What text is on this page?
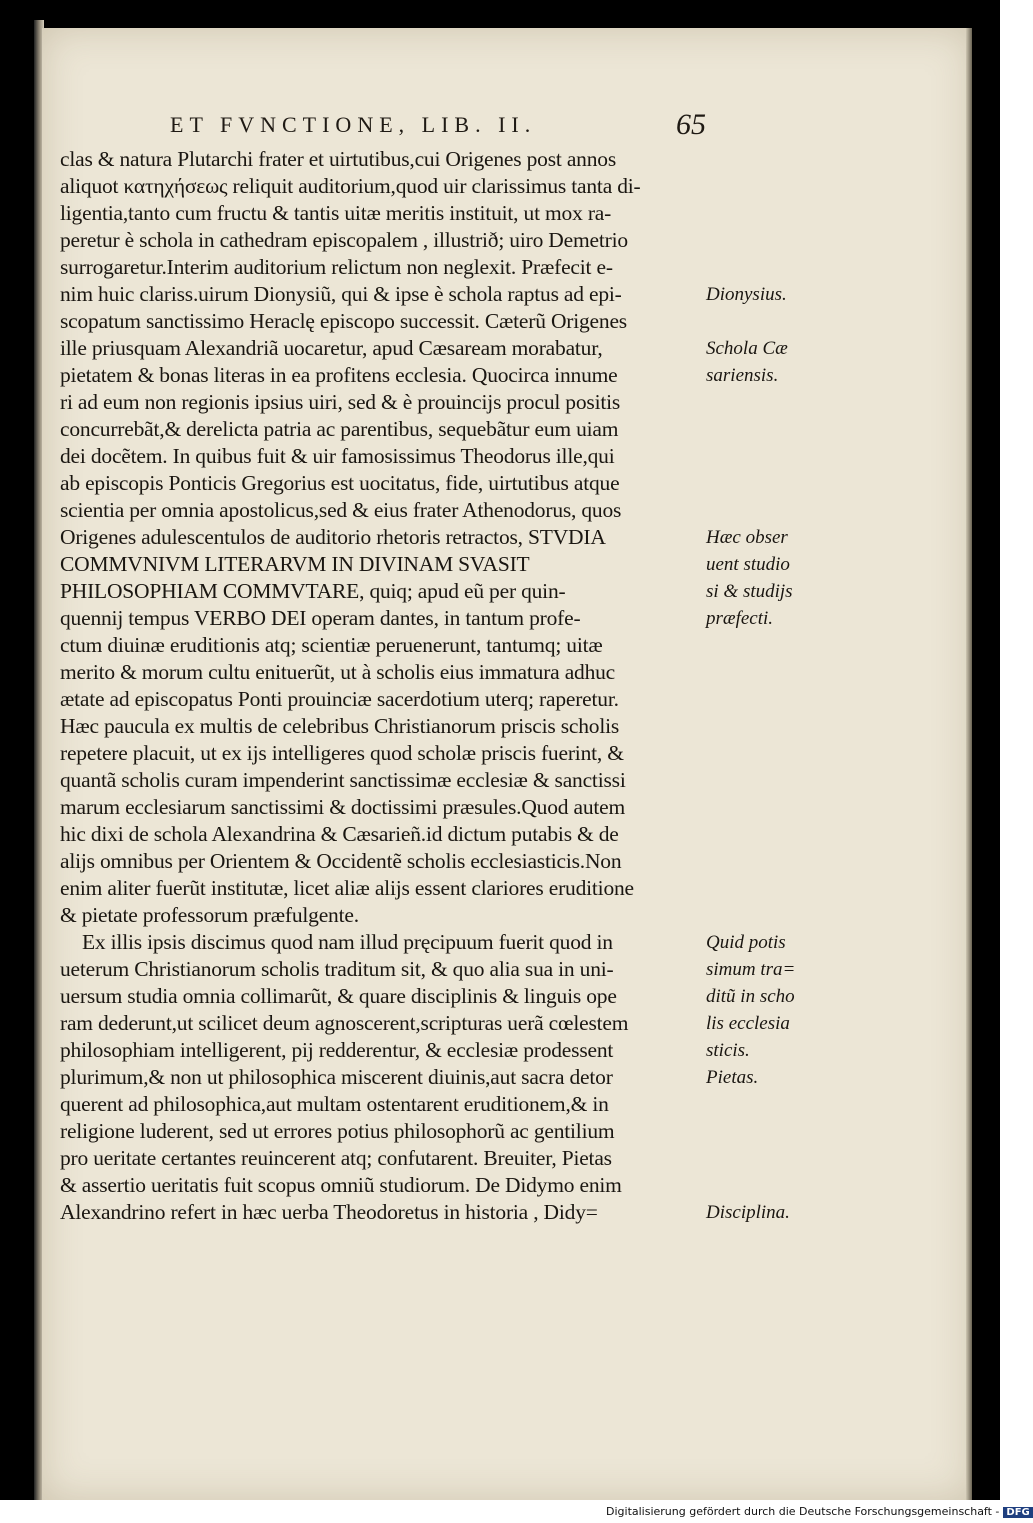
ET FVNCTIONE, LIB. II.	65
clas & natura Plutarchi frater et uirtutibus,cui Origenes post annos
aliquot κατηχήσεως reliquit auditorium,quod uir clarissimus tanta di-
ligentia,tanto cum fructu & tantis uitæ meritis instituit, ut mox ra-
peretur è schola in cathedram episcopalem , illustrið; uiro Demetrio
surrogaretur.Interim auditorium relictum non neglexit. Præfecit e-
nim huic clariss.uirum Dionysiũ, qui & ipse è schola raptus ad epi-
scopatum sanctissimo Heraclę episcopo successit. Cæterũ Origenes
ille priusquam Alexandriã uocaretur, apud Cæsaream morabatur,
pietatem & bonas literas in ea profitens ecclesia. Quocirca innume
ri ad eum non regionis ipsius uiri, sed & è prouincijs procul positis
concurrebãt,& derelicta patria ac parentibus, sequebãtur eum uiam
dei docẽtem. In quibus fuit & uir famosissimus Theodorus ille,qui
ab episcopis Ponticis Gregorius est uocitatus, fide, uirtutibus atque
scientia per omnia apostolicus,sed & eius frater Athenodorus, quos
Origenes adulescentulos de auditorio rhetoris retractos, STVDIA
COMMVNIVM LITERARVM IN DIVINAM SVASIT
PHILOSOPHIAM COMMVTARE, quiq; apud eũ per quin-
quennij tempus VERBO DEI operam dantes, in tantum profe-
ctum diuinæ eruditionis atq; scientiæ peruenerunt, tantumq; uitæ
merito & morum cultu enituerũt, ut à scholis eius immatura adhuc
ætate ad episcopatus Ponti prouinciæ sacerdotium uterq; raperetur.
Hæc paucula ex multis de celebribus Christianorum priscis scholis
repetere placuit, ut ex ijs intelligeres quod scholæ priscis fuerint, &
quantã scholis curam impenderint sanctissimæ ecclesiæ & sanctissi
marum ecclesiarum sanctissimi & doctissimi præsules.Quod autem
hic dixi de schola Alexandrina & Cæsarieñ.id dictum putabis & de
alijs omnibus per Orientem & Occidentẽ scholis ecclesiasticis.Non
enim aliter fuerũt institutæ, licet aliæ alijs essent clariores eruditione
& pietate professorum præfulgente.
Ex illis ipsis discimus quod nam illud pręcipuum fuerit quod in
ueterum Christianorum scholis traditum sit, & quo alia sua in uni-
uersum studia omnia collimarũt, & quare disciplinis & linguis ope
ram dederunt,ut scilicet deum agnoscerent,scripturas uerã cœlestem
philosophiam intelligerent, pij redderentur, & ecclesiæ prodessent
plurimum,& non ut philosophica miscerent diuinis,aut sacra detor
querent ad philosophica,aut multam ostentarent eruditionem,& in
religione luderent, sed ut errores potius philosophorũ ac gentilium
pro ueritate certantes reuincerent atq; confutarent. Breuiter, Pietas
& assertio ueritatis fuit scopus omniũ studiorum. De Didymo enim
Alexandrino refert in hæc uerba Theodoretus in historia , Didy=
Dionysius.
Schola Cæ
sariensis.
Hæc obser
uent studio
si & studijs
præfecti.
Quid potis
simum tra=
ditũ in scho
lis ecclesia
sticis.
Pietas.
Disciplina.
Digitalisierung gefördert durch die Deutsche Forschungsgemeinschaft - DFG
